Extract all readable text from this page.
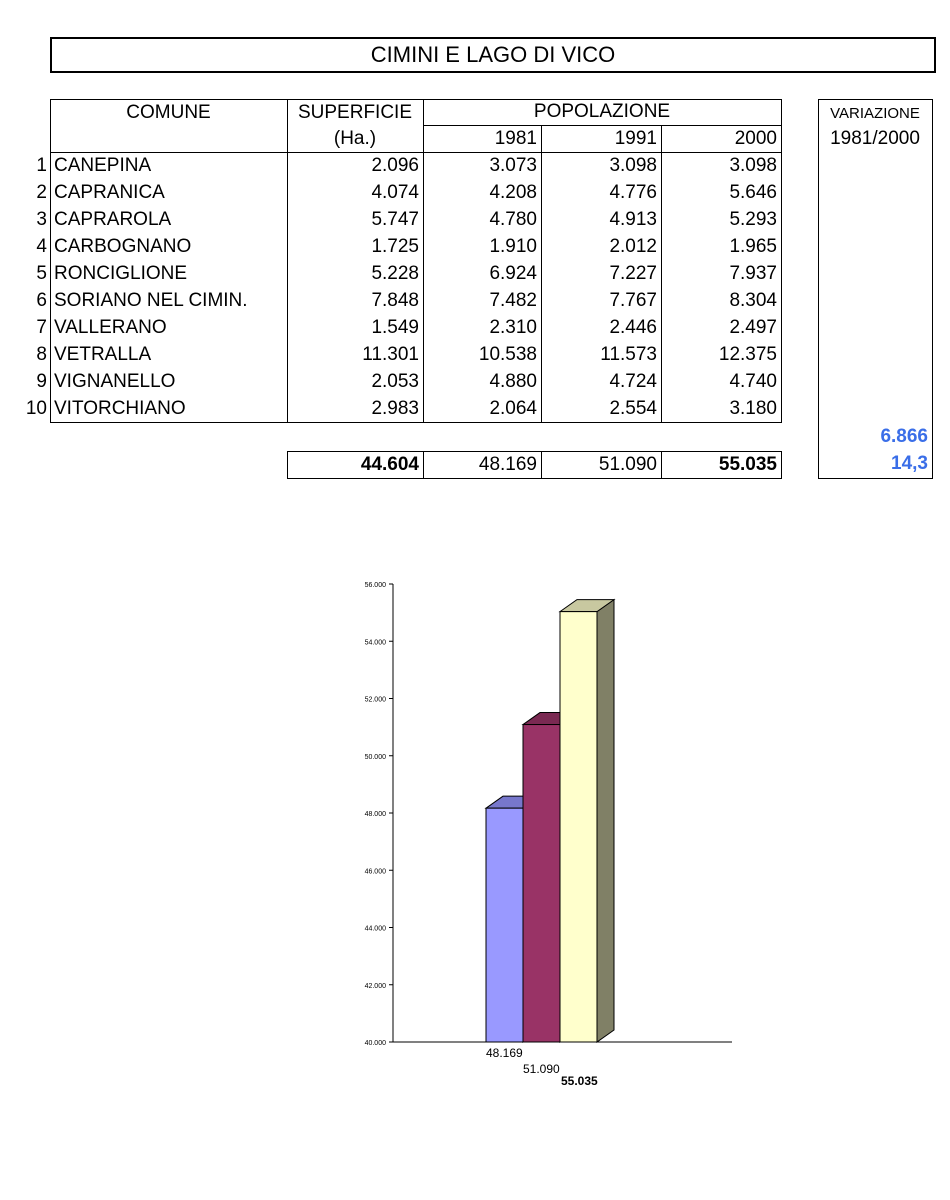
CIMINI E LAGO DI VICO
40.000
42.000
44.000
46.000
48.000
50.000
52.000
54.000
56.000
48.169
51.090
55.035
COMUNE	SUPERFICIE
(Ha.)
POPOLAZIONE
1981	1991	2000
1 CANEPINA	2.096	3.073	3.098	3.098
2 CAPRANICA	4.074	4.208	4.776	5.646
3 CAPRAROLA	5.747	4.780	4.913	5.293
4 CARBOGNANO	1.725	1.910	2.012	1.965
5 RONCIGLIONE	5.228	6.924	7.227	7.937
6 SORIANO NEL CIMIN.	7.848	7.482	7.767	8.304
7 VALLERANO	1.549	2.310	2.446	2.497
8 VETRALLA	11.301	10.538	11.573	12.375
9 VIGNANELLO	2.053	4.880	4.724	4.740
10 VITORCHIANO	2.983	2.064	2.554	3.180
44.604	48.169	51.090	55.035
VARIAZIONE
1981/2000
6.866
14,3
